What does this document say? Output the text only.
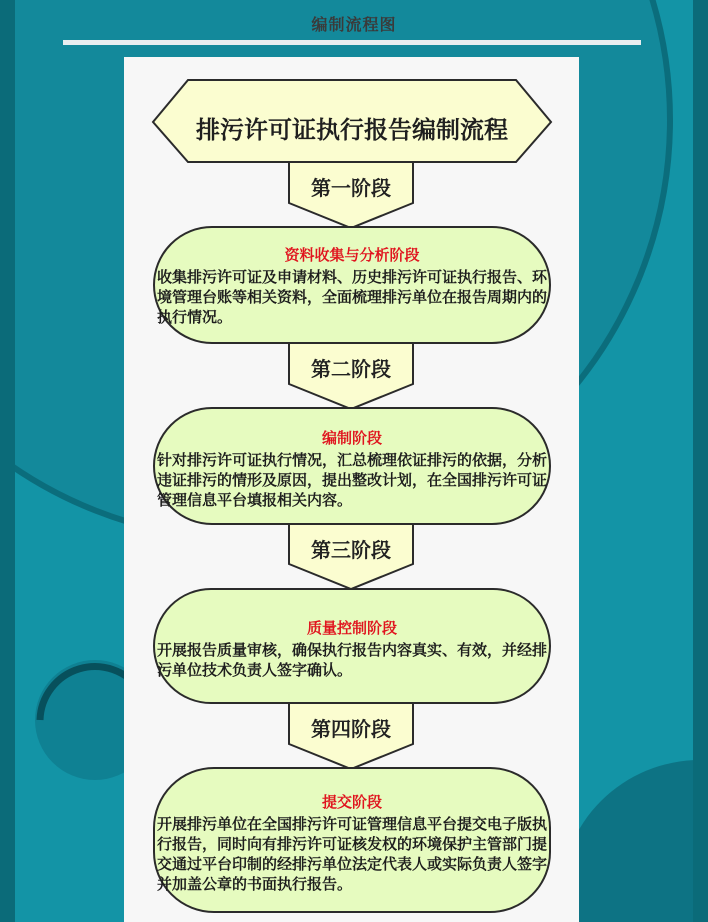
编制流程图
排污许可证执行报告编制流程
第一阶段
第二阶段
第三阶段
第四阶段
资料收集与分析阶段
收集排污许可证及申请材料、历史排污许可证执行报告、环境管理台账等相关资料，全面梳理排污单位在报告周期内的执行情况。
编制阶段
针对排污许可证执行情况，汇总梳理依证排污的依据，分析违证排污的情形及原因，提出整改计划，在全国排污许可证管理信息平台填报相关内容。
质量控制阶段
开展报告质量审核，确保执行报告内容真实、有效，并经排污单位技术负责人签字确认。
提交阶段
开展排污单位在全国排污许可证管理信息平台提交电子版执行报告，同时向有排污许可证核发权的环境保护主管部门提交通过平台印制的经排污单位法定代表人或实际负责人签字并加盖公章的书面执行报告。
